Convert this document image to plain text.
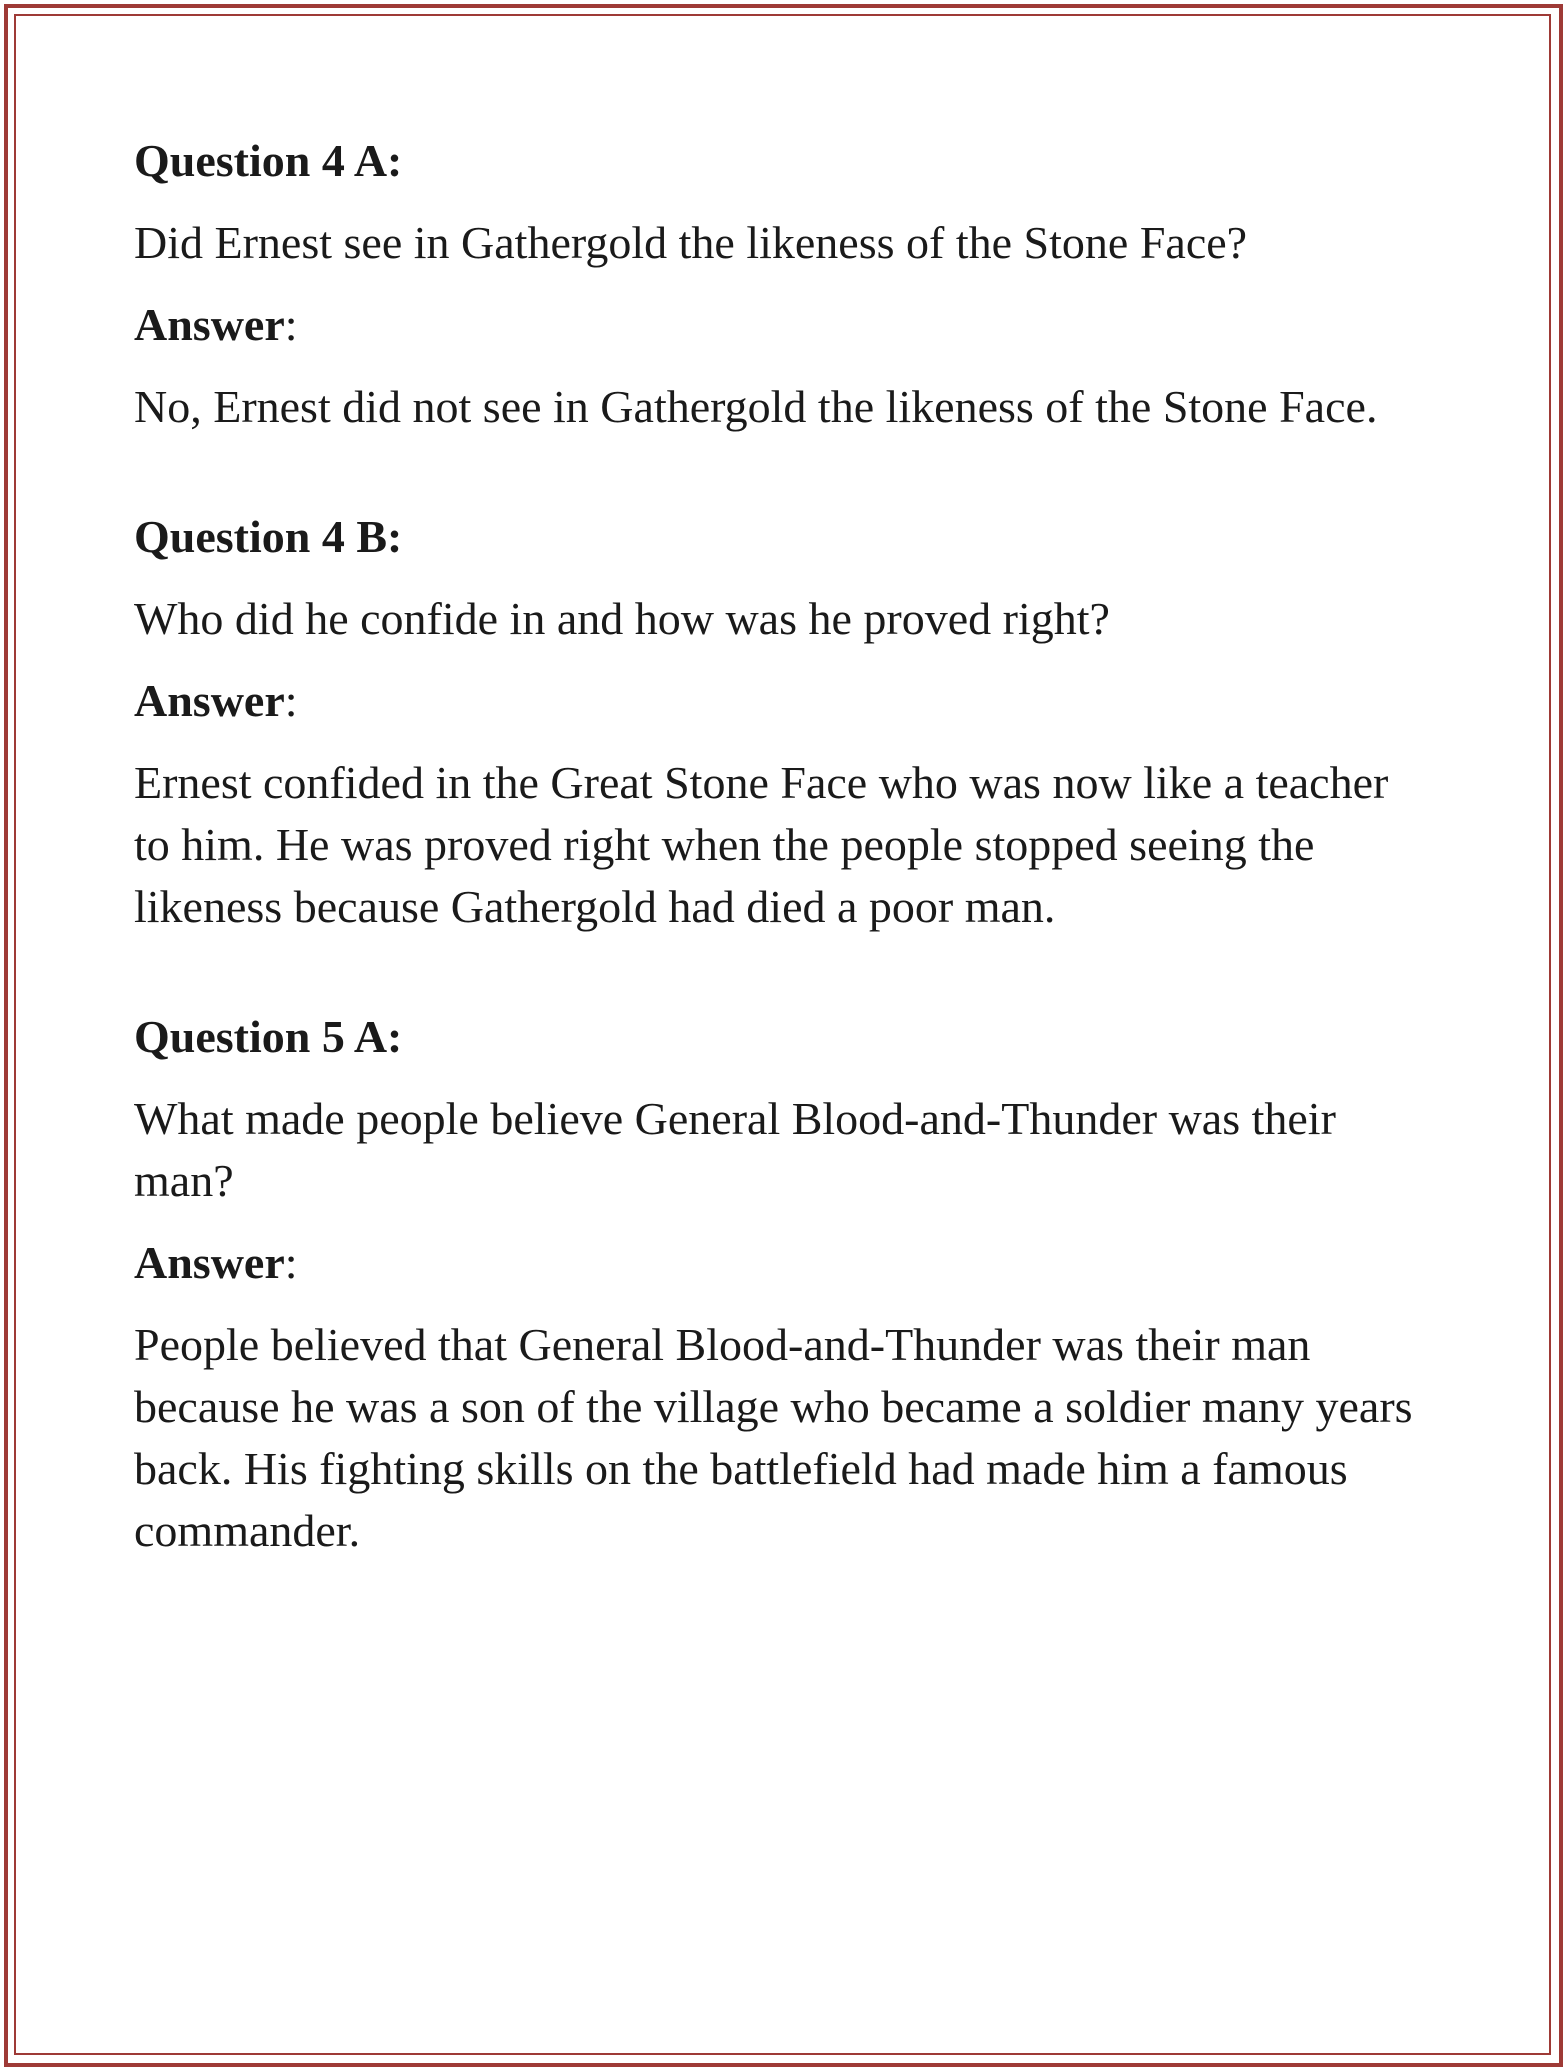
Question 4 A:

Did Ernest see in Gathergold the likeness of the Stone Face?

Answer:

No, Ernest did not see in Gathergold the likeness of the Stone Face.

Question 4 B:

Who did he confide in and how was he proved right?

Answer:

Ernest confided in the Great Stone Face who was now like a teacher to him. He was proved right when the people stopped seeing the likeness because Gathergold had died a poor man.

Question 5 A:

What made people believe General Blood-and-Thunder was their man?

Answer:

People believed that General Blood-and-Thunder was their man because he was a son of the village who became a soldier many years back. His fighting skills on the battlefield had made him a famous commander.
